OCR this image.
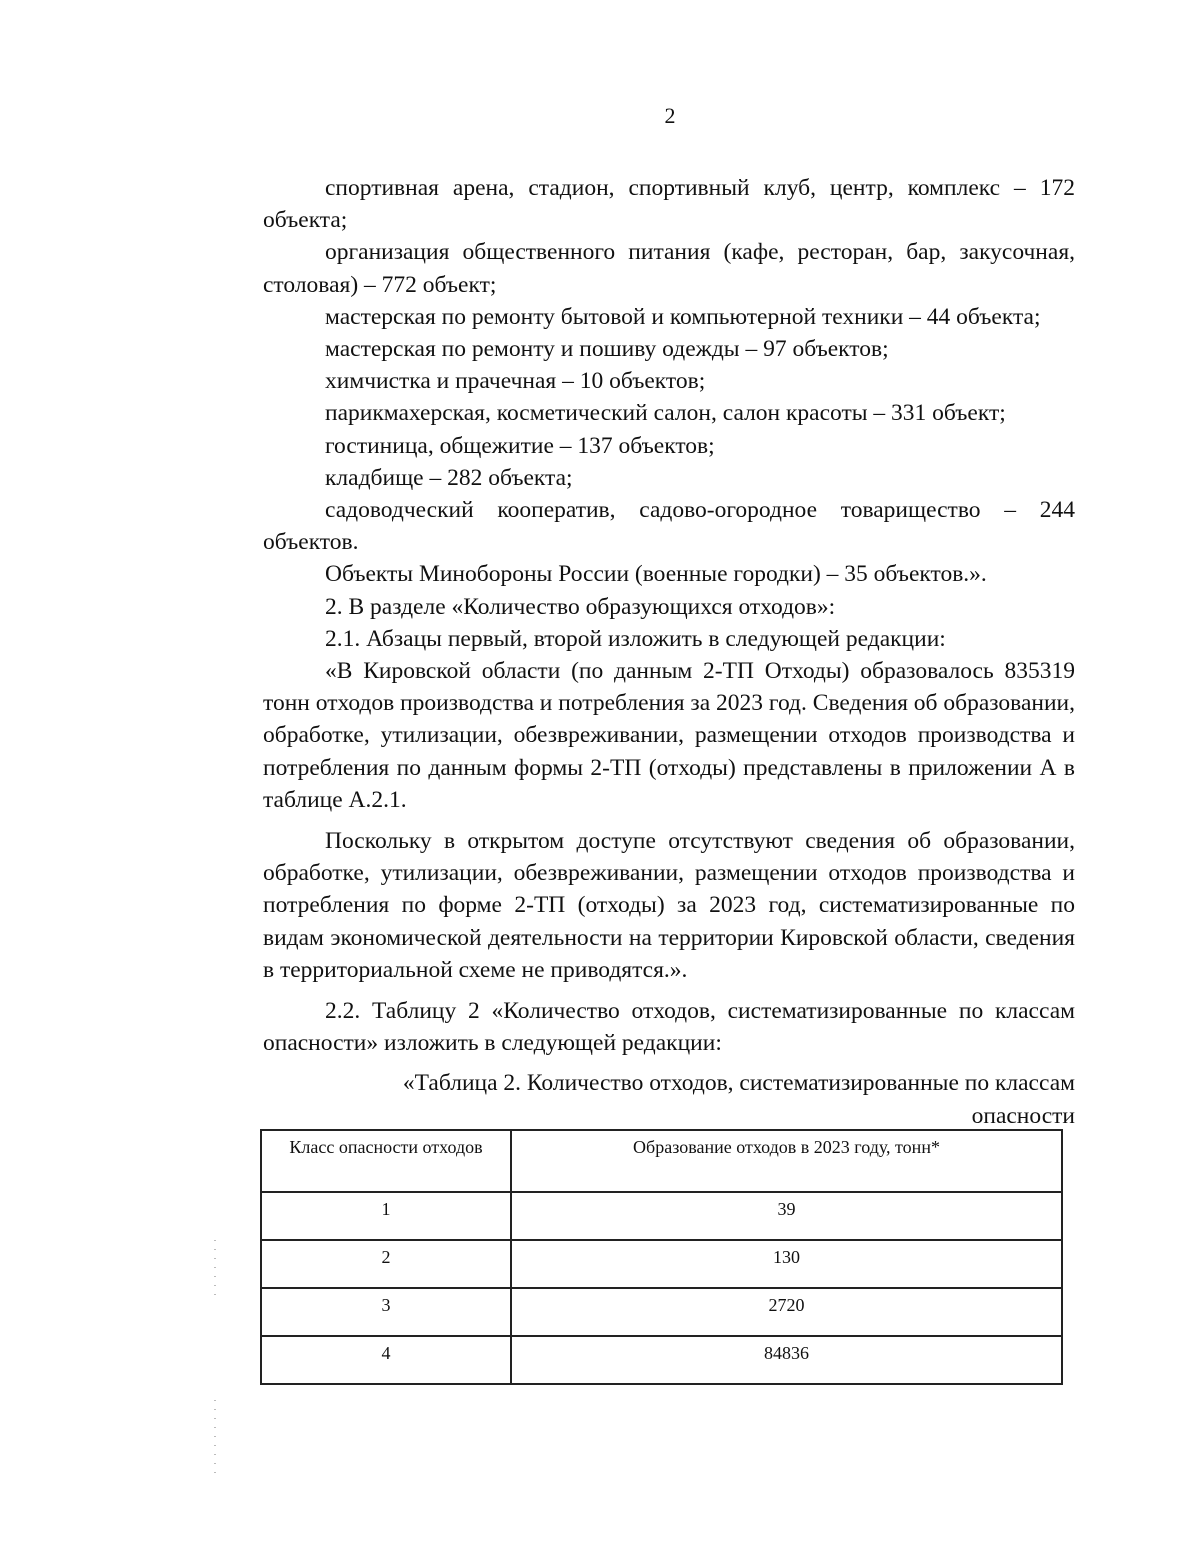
2

спортивная арена, стадион, спортивный клуб, центр, комплекс – 172 объекта;

организация общественного питания (кафе, ресторан, бар, закусочная, столовая) – 772 объект;

мастерская по ремонту бытовой и компьютерной техники – 44 объекта;

мастерская по ремонту и пошиву одежды – 97 объектов;

химчистка и прачечная – 10 объектов;

парикмахерская, косметический салон, салон красоты – 331 объект;

гостиница, общежитие – 137 объектов;

кладбище – 282 объекта;

садоводческий кооператив, садово-огородное товарищество – 244 объектов.

Объекты Минобороны России (военные городки) – 35 объектов.».

2. В разделе «Количество образующихся отходов»:

2.1. Абзацы первый, второй изложить в следующей редакции:

«В Кировской области (по данным 2-ТП Отходы) образовалось 835319 тонн отходов производства и потребления за 2023 год. Сведения об образовании, обработке, утилизации, обезвреживании, размещении отходов производства и потребления по данным формы 2-ТП (отходы) представлены в приложении А в таблице А.2.1.

Поскольку в открытом доступе отсутствуют сведения об образовании, обработке, утилизации, обезвреживании, размещении отходов производства и потребления по форме 2-ТП (отходы) за 2023 год, систематизированные по видам экономической деятельности на территории Кировской области, сведения в территориальной схеме не приводятся.».

2.2. Таблицу 2 «Количество отходов, систематизированные по классам опасности» изложить в следующей редакции:

«Таблица 2. Количество отходов, систематизированные по классам
опасности
Класс опасности отходов	Образование отходов в 2023 году, тонн*
1	39
2	130
3	2720
4	84836
